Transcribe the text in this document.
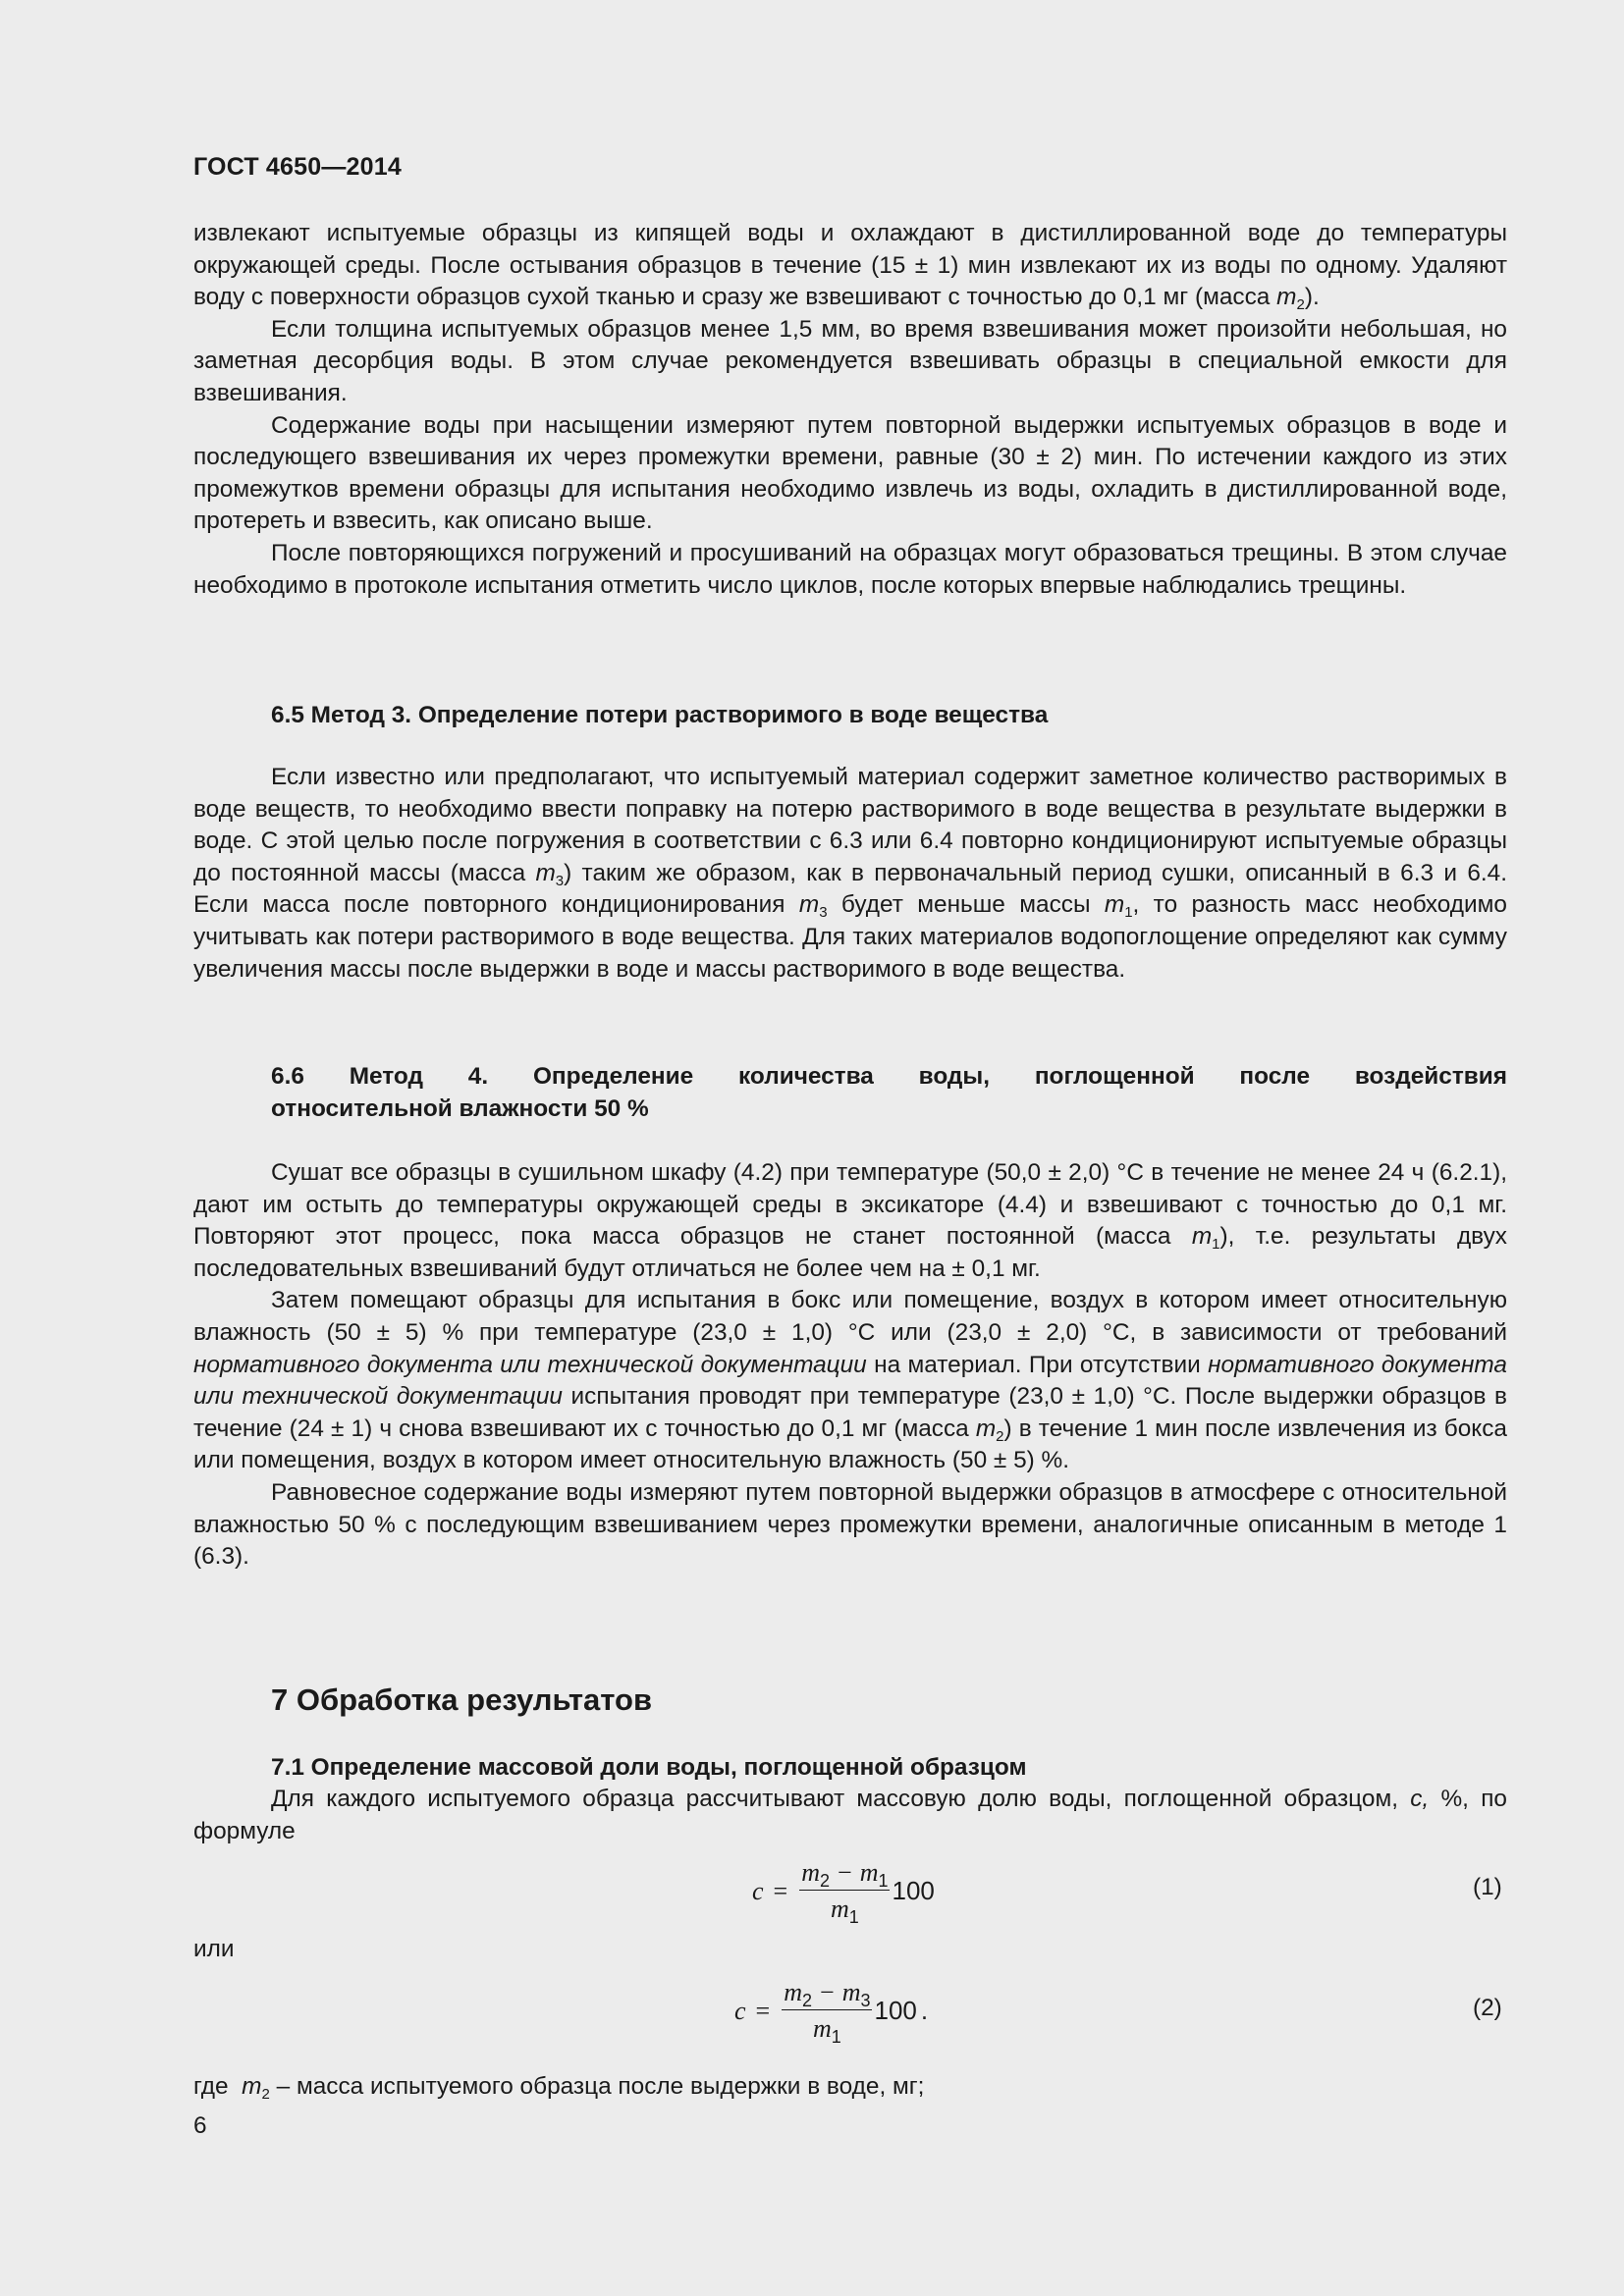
ГОСТ 4650—2014

извлекают испытуемые образцы из кипящей воды и охлаждают в дистиллированной воде до температуры окружающей среды. После остывания образцов в течение (15 ± 1) мин извлекают их из воды по одному. Удаляют воду с поверхности образцов сухой тканью и сразу же взвешивают с точностью до 0,1 мг (масса $m_2$).

Если толщина испытуемых образцов менее 1,5 мм, во время взвешивания может произойти небольшая, но заметная десорбция воды. В этом случае рекомендуется взвешивать образцы в специальной емкости для взвешивания.

Содержание воды при насыщении измеряют путем повторной выдержки испытуемых образцов в воде и последующего взвешивания их через промежутки времени, равные (30 ± 2) мин. По истечении каждого из этих промежутков времени образцы для испытания необходимо извлечь из воды, охладить в дистиллированной воде, протереть и взвесить, как описано выше.

После повторяющихся погружений и просушиваний на образцах могут образоваться трещины. В этом случае необходимо в протоколе испытания отметить число циклов, после которых впервые наблюдались трещины.

6.5 Метод 3. Определение потери растворимого в воде вещества

Если известно или предполагают, что испытуемый материал содержит заметное количество растворимых в воде веществ, то необходимо ввести поправку на потерю растворимого в воде вещества в результате выдержки в воде. С этой целью после погружения в соответствии с 6.3 или 6.4 повторно кондиционируют испытуемые образцы до постоянной массы (масса $m_3$) таким же образом, как в первоначальный период сушки, описанный в 6.3 и 6.4. Если масса после повторного кондиционирования $m_3$ будет меньше массы $m_1$, то разность масс необходимо учитывать как потери растворимого в воде вещества. Для таких материалов водопоглощение определяют как сумму увеличения массы после выдержки в воде и массы растворимого в воде вещества.

6.6 Метод 4. Определение количества воды, поглощенной после воздействия
относительной влажности 50 %

Сушат все образцы в сушильном шкафу (4.2) при температуре (50,0 ± 2,0) °С в течение не менее 24 ч (6.2.1), дают им остыть до температуры окружающей среды в эксикаторе (4.4) и взвешивают с точностью до 0,1 мг. Повторяют этот процесс, пока масса образцов не станет постоянной (масса $m_1$), т.е. результаты двух последовательных взвешиваний будут отличаться не более чем на ± 0,1 мг.

Затем помещают образцы для испытания в бокс или помещение, воздух в котором имеет относительную влажность (50 ± 5) % при температуре (23,0 ± 1,0) °С или (23,0 ± 2,0) °С, в зависимости от требований нормативного документа или технической документации на материал. При отсутствии нормативного документа или технической документации испытания проводят при температуре (23,0 ± 1,0) °С. После выдержки образцов в течение (24 ± 1) ч снова взвешивают их с точностью до 0,1 мг (масса $m_2$) в течение 1 мин после извлечения из бокса или помещения, воздух в котором имеет относительную влажность (50 ± 5) %.

Равновесное содержание воды измеряют путем повторной выдержки образцов в атмосфере с относительной влажностью 50 % с последующим взвешиванием через промежутки времени, аналогичные описанным в методе 1 (6.3).

7 Обработка результатов
7.1 Определение массовой доли воды, поглощенной образцом

Для каждого испытуемого образца рассчитывают массовую долю воды, поглощенной образцом, c, %, по формуле

$c = \frac{m_2 - m_1}{m_1} 100$	(1)
или
$c = \frac{m_2 - m_3}{m_1} 100$ .	(2)
где  $m_2$ – масса испытуемого образца после выдержки в воде, мг;
6
